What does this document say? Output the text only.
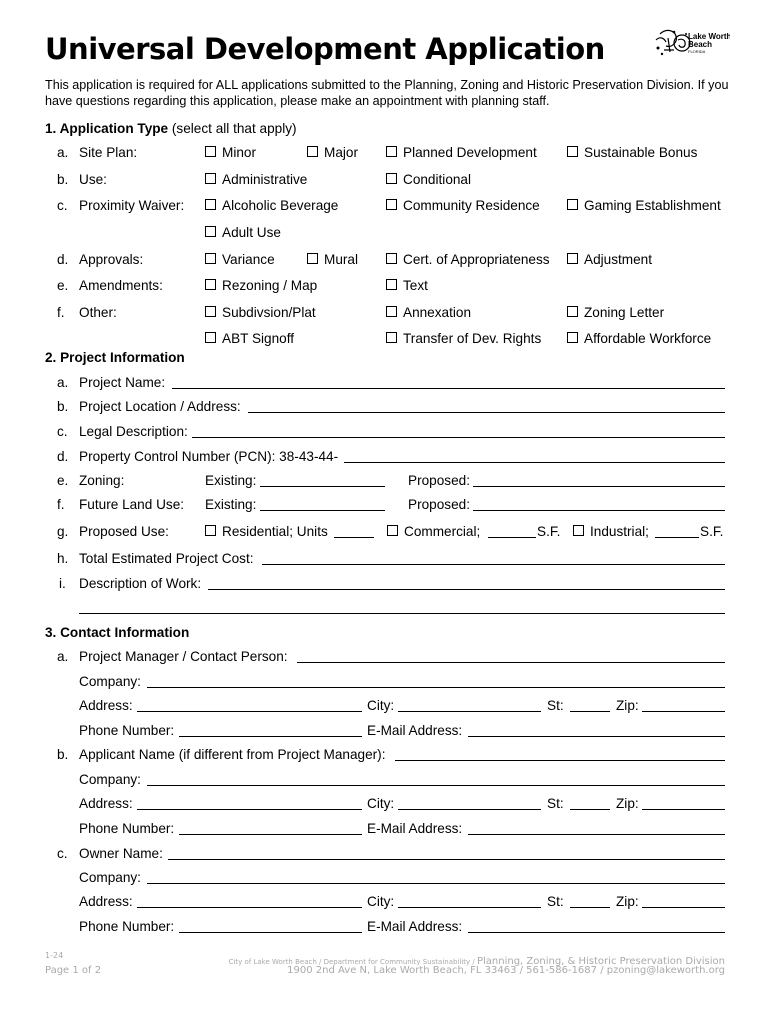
Universal Development Application	Lake Worth
Beach
FLORIDA
This application is required for ALL applications submitted to the Planning, Zoning and Historic Preservation Division. If you have questions regarding this application, please make an appointment with planning staff.
1. Application Type (select all that apply)
a. Site Plan:	Minor	Major	Planned Development	Sustainable Bonus
b. Use:	Administrative	Conditional
c. Proximity Waiver:	Alcoholic Beverage	Community Residence	Gaming Establishment
Adult Use
d. Approvals:	Variance	Mural	Cert. of Appropriateness	Adjustment
e. Amendments:	Rezoning / Map	Text
f. Other:	Subdivsion/Plat	Annexation	Zoning Letter
ABT Signoff	Transfer of Dev. Rights	Affordable Workforce
2. Project Information
a. Project Name:
b. Project Location / Address:
c. Legal Description:
d. Property Control Number (PCN): 38-43-44-
e. Zoning:	Existing:	Proposed:
f. Future Land Use: Existing:	Proposed:
g. Proposed Use:	Residential; Units	Commercial;	S.F.	Industrial;	S.F.
h. Total Estimated Project Cost:
i. Description of Work:
3. Contact Information
a. Project Manager / Contact Person:
Company:
Address:	City:	St:	Zip:
Phone Number:	E-Mail Address:
b. Applicant Name (if different from Project Manager):
Company:
Address:	City:	St:	Zip:
Phone Number:	E-Mail Address:
c. Owner Name:
Company:
Address:	City:	St:	Zip:
Phone Number:	E-Mail Address:
1-24
Page 1 of 2
City of Lake Worth Beach / Department for Community Sustainability / Planning, Zoning, & Historic Preservation Division
1900 2nd Ave N, Lake Worth Beach, FL 33463 / 561-586-1687 / pzoning@lakeworth.org
